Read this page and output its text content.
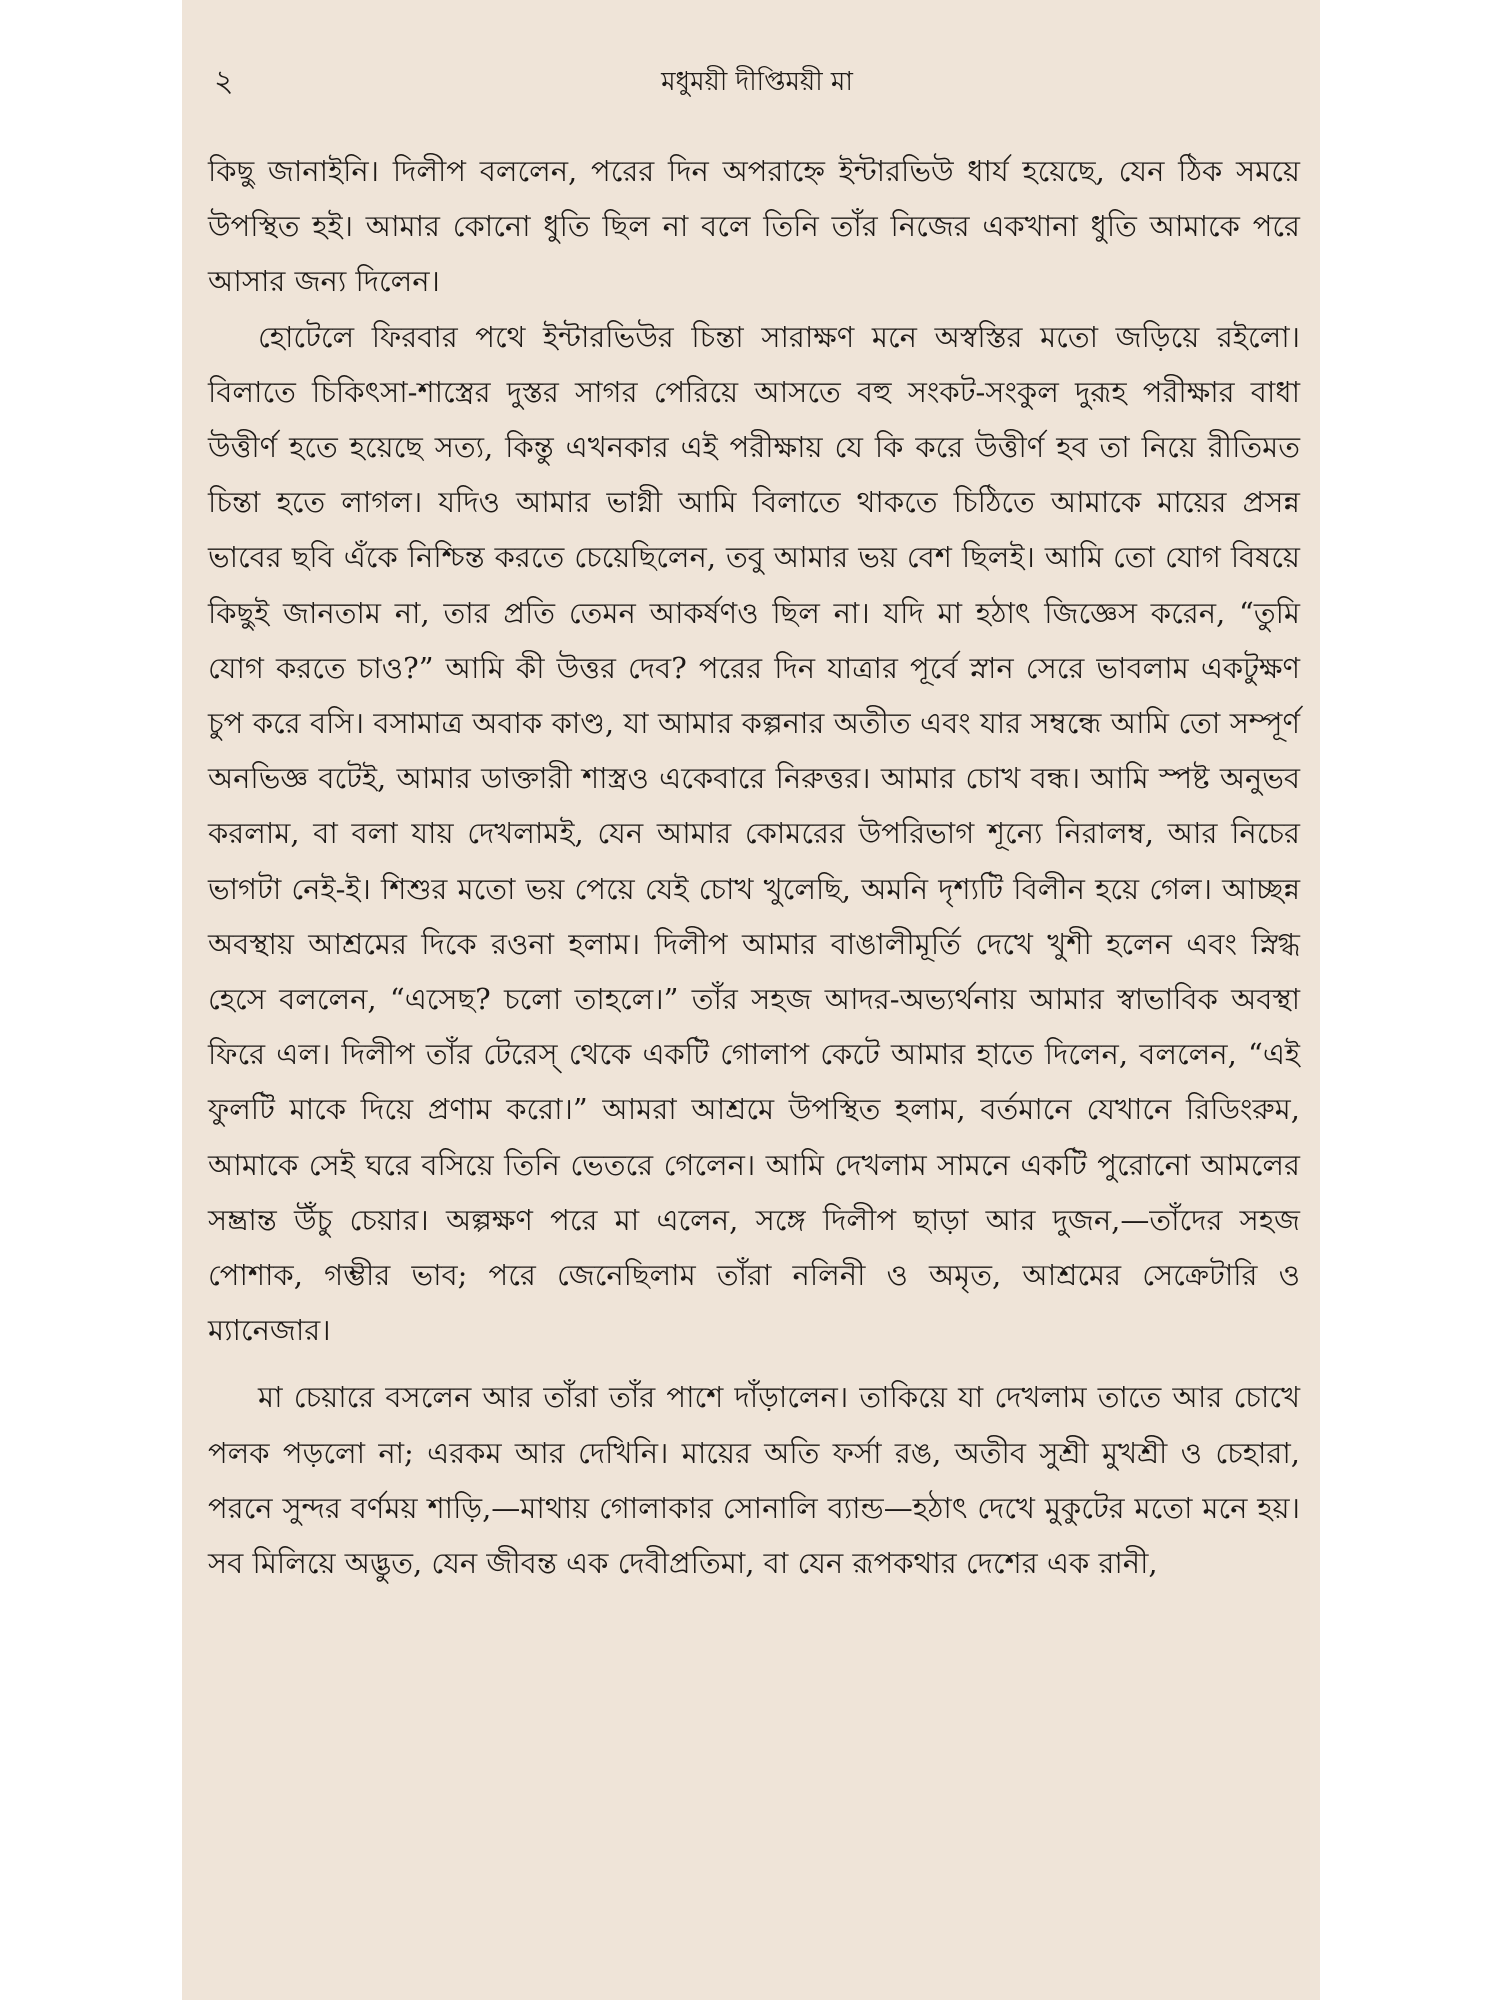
২	মধুময়ী দীপ্তিময়ী মা

কিছু জানাইনি। দিলীপ বললেন, পরের দিন অপরাহ্নে ইন্টারভিউ ধার্য হয়েছে, যেন ঠিক সময়ে উপস্থিত হই। আমার কোনো ধুতি ছিল না বলে তিনি তাঁর নিজের একখানা ধুতি আমাকে পরে আসার জন্য দিলেন।

হোটেলে ফিরবার পথে ইন্টারভিউর চিন্তা সারাক্ষণ মনে অস্বস্তির মতো জড়িয়ে রইলো। বিলাতে চিকিৎসা-শাস্ত্রের দুস্তর সাগর পেরিয়ে আসতে বহু সংকট-সংকুল দুরূহ পরীক্ষার বাধা উত্তীর্ণ হতে হয়েছে সত্য, কিন্তু এখনকার এই পরীক্ষায় যে কি করে উত্তীর্ণ হব তা নিয়ে রীতিমত চিন্তা হতে লাগল। যদিও আমার ভাগ্নী আমি বিলাতে থাকতে চিঠিতে আমাকে মায়ের প্রসন্ন ভাবের ছবি এঁকে নিশ্চিন্ত করতে চেয়েছিলেন, তবু আমার ভয় বেশ ছিলই। আমি তো যোগ বিষয়ে কিছুই জানতাম না, তার প্রতি তেমন আকর্ষণও ছিল না। যদি মা হঠাৎ জিজ্ঞেস করেন, “তুমি যোগ করতে চাও?” আমি কী উত্তর দেব? পরের দিন যাত্রার পূর্বে স্নান সেরে ভাবলাম একটুক্ষণ চুপ করে বসি। বসামাত্র অবাক কাণ্ড, যা আমার কল্পনার অতীত এবং যার সম্বন্ধে আমি তো সম্পূর্ণ অনভিজ্ঞ বটেই, আমার ডাক্তারী শাস্ত্রও একেবারে নিরুত্তর। আমার চোখ বন্ধ। আমি স্পষ্ট অনুভব করলাম, বা বলা যায় দেখলামই, যেন আমার কোমরের উপরিভাগ শূন্যে নিরালম্ব, আর নিচের ভাগটা নেই-ই। শিশুর মতো ভয় পেয়ে যেই চোখ খুলেছি, অমনি দৃশ্যটি বিলীন হয়ে গেল। আচ্ছন্ন অবস্থায় আশ্রমের দিকে রওনা হলাম। দিলীপ আমার বাঙালীমূর্তি দেখে খুশী হলেন এবং স্নিগ্ধ হেসে বললেন, “এসেছ? চলো তাহলে।” তাঁর সহজ আদর-অভ্যর্থনায় আমার স্বাভাবিক অবস্থা ফিরে এল। দিলীপ তাঁর টেরেস্‌ থেকে একটি গোলাপ কেটে আমার হাতে দিলেন, বললেন, “এই ফুলটি মাকে দিয়ে প্রণাম করো।” আমরা আশ্রমে উপস্থিত হলাম, বর্তমানে যেখানে রিডিংরুম, আমাকে সেই ঘরে বসিয়ে তিনি ভেতরে গেলেন। আমি দেখলাম সামনে একটি পুরোনো আমলের সম্ভ্রান্ত উঁচু চেয়ার। অল্পক্ষণ পরে মা এলেন, সঙ্গে দিলীপ ছাড়া আর দুজন,—তাঁদের সহজ পোশাক, গম্ভীর ভাব; পরে জেনেছিলাম তাঁরা নলিনী ও অমৃত, আশ্রমের সেক্রেটারি ও ম্যানেজার।

মা চেয়ারে বসলেন আর তাঁরা তাঁর পাশে দাঁড়ালেন। তাকিয়ে যা দেখলাম তাতে আর চোখে পলক পড়লো না; এরকম আর দেখিনি। মায়ের অতি ফর্সা রঙ, অতীব সুশ্রী মুখশ্রী ও চেহারা, পরনে সুন্দর বর্ণময় শাড়ি,—মাথায় গোলাকার সোনালি ব্যান্ড—হঠাৎ দেখে মুকুটের মতো মনে হয়। সব মিলিয়ে অদ্ভুত, যেন জীবন্ত এক দেবীপ্রতিমা, বা যেন রূপকথার দেশের এক রানী,
